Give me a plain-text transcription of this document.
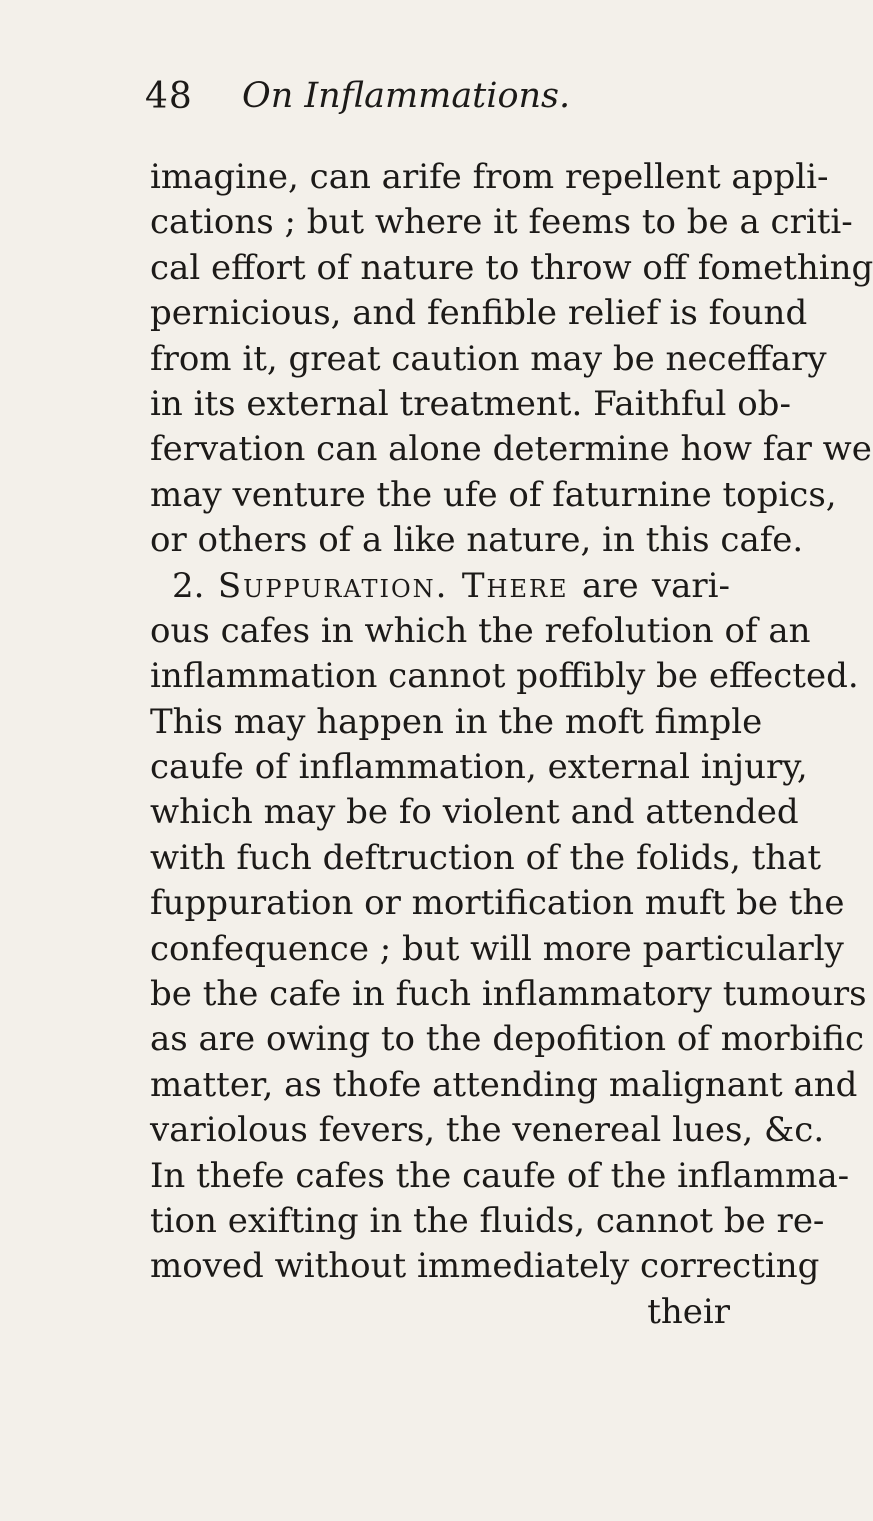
48 On Inflammations.
imagine, can arife from repellent appli-
cations ; but where it feems to be a criti-
cal effort of nature to throw off fomething
pernicious, and fenfible relief is found
from it, great caution may be neceffary
in its external treatment. Faithful ob-
fervation can alone determine how far we
may venture the ufe of faturnine topics,
or others of a like nature, in this cafe.
2. Suppuration. There are vari-
ous cafes in which the refolution of an
inflammation cannot poffibly be effected.
This may happen in the moft fimple
caufe of inflammation, external injury,
which may be fo violent and attended
with fuch deftruction of the folids, that
fuppuration or mortification muft be the
confequence ; but will more particularly
be the cafe in fuch inflammatory tumours
as are owing to the depofition of morbific
matter, as thofe attending malignant and
variolous fevers, the venereal lues, &c.
In thefe cafes the caufe of the inflamma-
tion exifting in the fluids, cannot be re-
moved without immediately correcting
their
